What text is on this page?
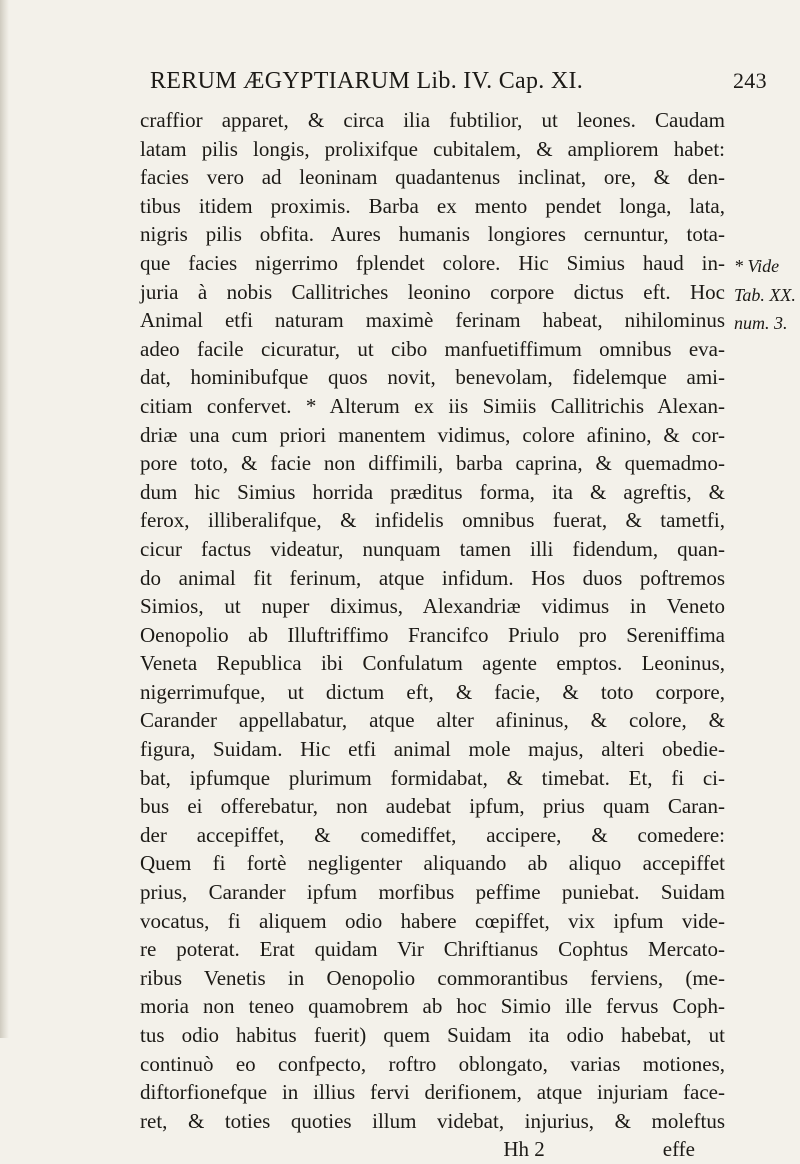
RERUM ÆGYPTIARUM Lib. IV. Cap. XI.	243
craffior apparet, & circa ilia fubtilior, ut leones. Caudam
latam pilis longis, prolixifque cubitalem, & ampliorem habet:
facies vero ad leoninam quadantenus inclinat, ore, & den-
tibus itidem proximis. Barba ex mento pendet longa, lata,
nigris pilis obfita. Aures humanis longiores cernuntur, tota-
que facies nigerrimo fplendet colore. Hic Simius haud in-
juria à nobis Callitriches leonino corpore dictus eft. Hoc
Animal etfi naturam maximè ferinam habeat, nihilominus
adeo facile cicuratur, ut cibo manfuetiffimum omnibus eva-
dat, hominibufque quos novit, benevolam, fidelemque ami-
citiam confervet. * Alterum ex iis Simiis Callitrichis Alexan-
driæ una cum priori manentem vidimus, colore afinino, & cor-
pore toto, & facie non diffimili, barba caprina, & quemadmo-
dum hic Simius horrida præditus forma, ita & agreftis, &
ferox, illiberalifque, & infidelis omnibus fuerat, & tametfi,
cicur factus videatur, nunquam tamen illi fidendum, quan-
do animal fit ferinum, atque infidum. Hos duos poftremos
Simios, ut nuper diximus, Alexandriæ vidimus in Veneto
Oenopolio ab Illuftriffimo Francifco Priulo pro Sereniffima
Veneta Republica ibi Confulatum agente emptos. Leoninus,
nigerrimufque, ut dictum eft, & facie, & toto corpore,
Carander appellabatur, atque alter afininus, & colore, &
figura, Suidam. Hic etfi animal mole majus, alteri obedie-
bat, ipfumque plurimum formidabat, & timebat. Et, fi ci-
bus ei offerebatur, non audebat ipfum, prius quam Caran-
der accepiffet, & comediffet, accipere, & comedere:
Quem fi fortè negligenter aliquando ab aliquo accepiffet
prius, Carander ipfum morfibus peffime puniebat. Suidam
vocatus, fi aliquem odio habere cœpiffet, vix ipfum vide-
re poterat. Erat quidam Vir Chriftianus Cophtus Mercato-
ribus Venetis in Oenopolio commorantibus ferviens, (me-
moria non teneo quamobrem ab hoc Simio ille fervus Coph-
tus odio habitus fuerit) quem Suidam ita odio habebat, ut
continuò eo confpecto, roftro oblongato, varias motiones,
diftorfionefque in illius fervi derifionem, atque injuriam face-
ret, & toties quoties illum videbat, injurius, & moleftus
Hh 2	effe
* Vide
Tab. XX.
num. 3.
